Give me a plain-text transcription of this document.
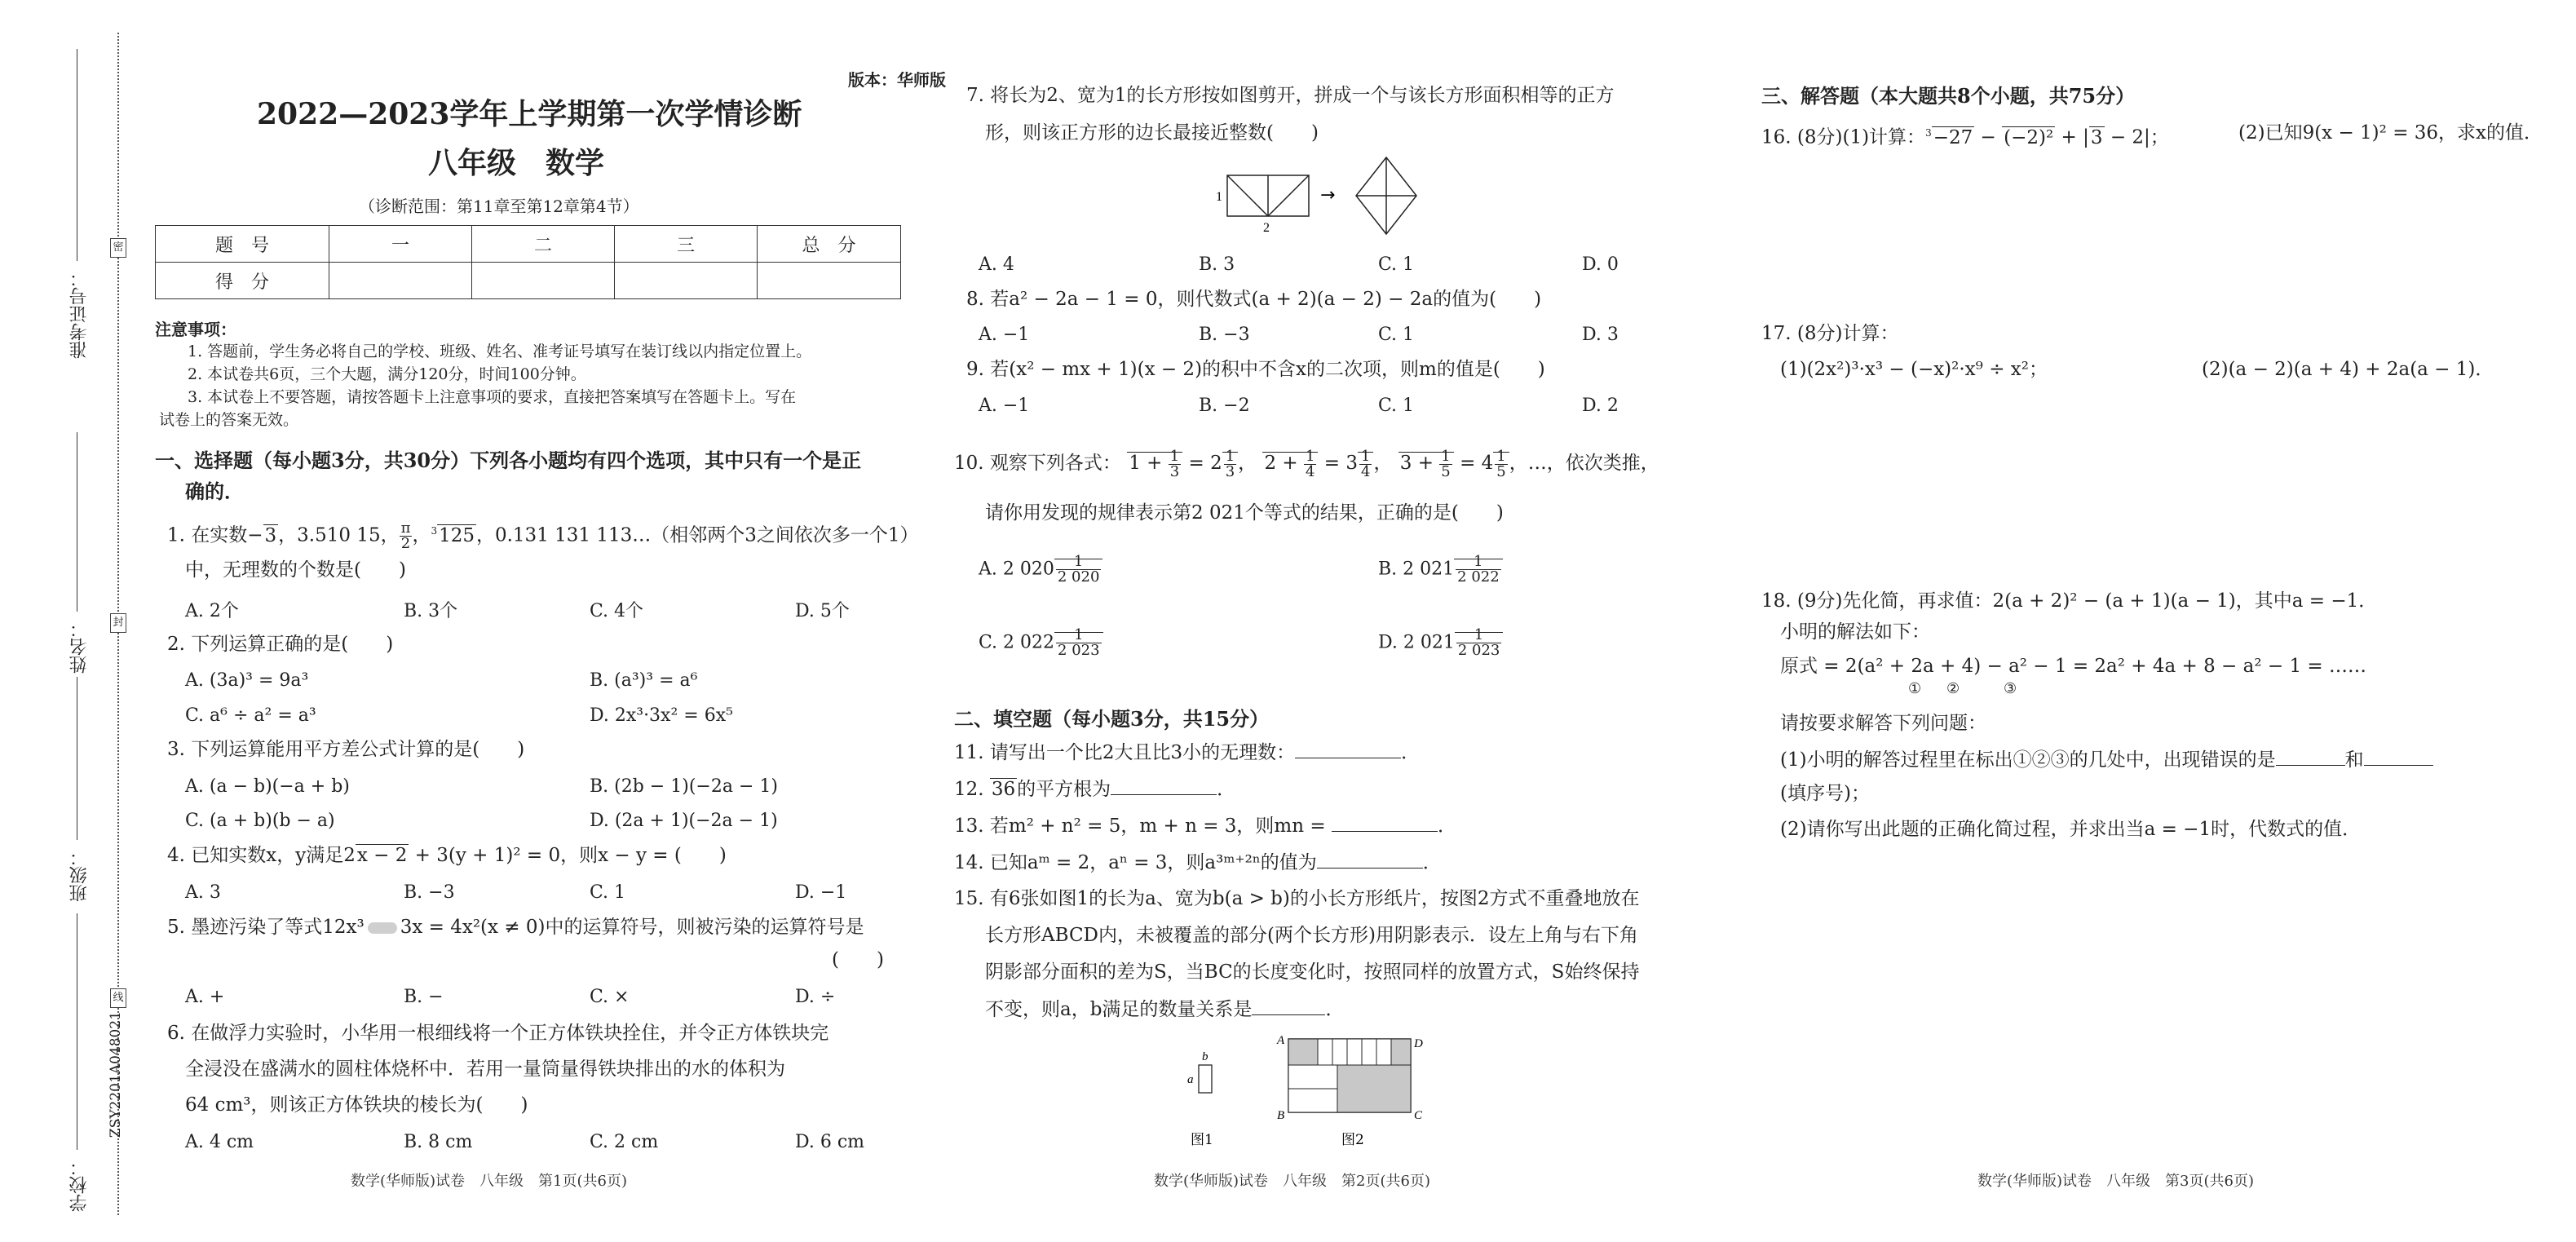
准考证号：
姓名：
班级：
学校：
密
封
线
ZSY2201A048021
版本：华师版
2022—2023学年上学期第一次学情诊断
八年级　数学
（诊断范围：第11章至第12章第4节）
题　号	一	二	三	总　分
得　分				
注意事项：
1. 答题前，学生务必将自己的学校、班级、姓名、准考证号填写在装订线以内指定位置上。
2. 本试卷共6页，三个大题，满分120分，时间100分钟。
3. 本试卷上不要答题，请按答题卡上注意事项的要求，直接把答案填写在答题卡上。写在
试卷上的答案无效。
一、选择题（每小题3分，共30分）下列各小题均有四个选项，其中只有一个是正
确的．
1. 在实数−3，3.510 15， $\frac{\pi}{2}$ ，$^3$125，0.131 131 113…（相邻两个3之间依次多一个1）
中，无理数的个数是(　　)
A. 2个	B. 3个	C. 4个	D. 5个
2. 下列运算正确的是(　　)
A. (3a)³ = 9a³	B. (a³)³ = a⁶
C. a⁶ ÷ a² = a³	D. 2x³·3x² = 6x⁵
3. 下列运算能用平方差公式计算的是(　　)
A. (a − b)(−a + b)	B. (2b − 1)(−2a − 1)
C. (a + b)(b − a)	D. (2a + 1)(−2a − 1)
4. 已知实数x，y满足2x − 2 + 3(y + 1)² = 0，则x − y = (　　)
A. 3	B. −3	C. 1	D. −1
5. 墨迹污染了等式12x³ 3x = 4x²(x ≠ 0)中的运算符号，则被污染的运算符号是
(　　)
A. +	B. −	C. ×	D. ÷
6. 在做浮力实验时，小华用一根细线将一个正方体铁块拴住，并令正方体铁块完
全浸没在盛满水的圆柱体烧杯中．若用一量筒量得铁块排出的水的体积为
64 cm³，则该正方体铁块的棱长为(　　)
A. 4 cm	B. 8 cm	C. 2 cm	D. 6 cm
数学(华师版)试卷　八年级　第1页(共6页)
7. 将长为2、宽为1的长方形按如图剪开，拼成一个与该长方形面积相等的正方
形，则该正方形的边长最接近整数(　　)
1
2
→
A. 4	B. 3	C. 1	D. 0
8. 若a² − 2a − 1 = 0，则代数式(a + 2)(a − 2) − 2a的值为(　　)
A. −1	B. −3	C. 1	D. 3
9. 若(x² − mx + 1)(x − 2)的积中不含x的二次项，则m的值是(　　)
A. −1	B. −2	C. 1	D. 2
10. 观察下列各式： $1 + \frac{1}{3} = 2 \frac{1}{3}$ ， $2 + \frac{1}{4} = 3 \frac{1}{4}$ ， $3 + \frac{1}{5} = 4 \frac{1}{5}$ ，…，依次类推，
请你用发现的规律表示第2 021个等式的结果，正确的是(　　)
A. 2 $020 \frac{1}{2 020}$	B. 2 $021 \frac{1}{2 022}$
C. 2 $022 \frac{1}{2 023}$	D. 2 $021 \frac{1}{2 023}$
二、填空题（每小题3分，共15分）
11. 请写出一个比2大且比3小的无理数：	．
12. 36的平方根为	．
13. 若m² + n² = 5，m + n = 3，则mn =	．
14. 已知aᵐ = 2，aⁿ = 3，则a³ᵐ⁺²ⁿ的值为	．
15. 有6张如图1的长为a、宽为b(a > b)的小长方形纸片，按图2方式不重叠地放在
长方形ABCD内，未被覆盖的部分(两个长方形)用阴影表示．设左上角与右下角
阴影部分面积的差为S，当BC的长度变化时，按照同样的放置方式，S始终保持
不变，则a，b满足的数量关系是	．
b
a
图1
A	D
B	C
图2
数学(华师版)试卷　八年级　第2页(共6页)
三、解答题（本大题共8个小题，共75分）
16. (8分)(1)计算：$^3$−27 − (−2)² + |3 − 2|；	(2)已知9(x − 1)² = 36，求x的值．
17. (8分)计算：
(1)(2x²)³·x³ − (−x)²·x⁹ ÷ x²；	(2)(a − 2)(a + 4) + 2a(a − 1)．
18. (9分)先化简，再求值：2(a + 2)² − (a + 1)(a − 1)，其中a = −1．
小明的解法如下：
原式 = 2(a² + 2a + 4) − a² − 1 = 2a² + 4a + 8 − a² − 1 = ……
① ②	③
请按要求解答下列问题：
(1)小明的解答过程里在标出①②③的几处中，出现错误的是	和
(填序号)；
(2)请你写出此题的正确化简过程，并求出当a = −1时，代数式的值．
数学(华师版)试卷　八年级　第3页(共6页)
